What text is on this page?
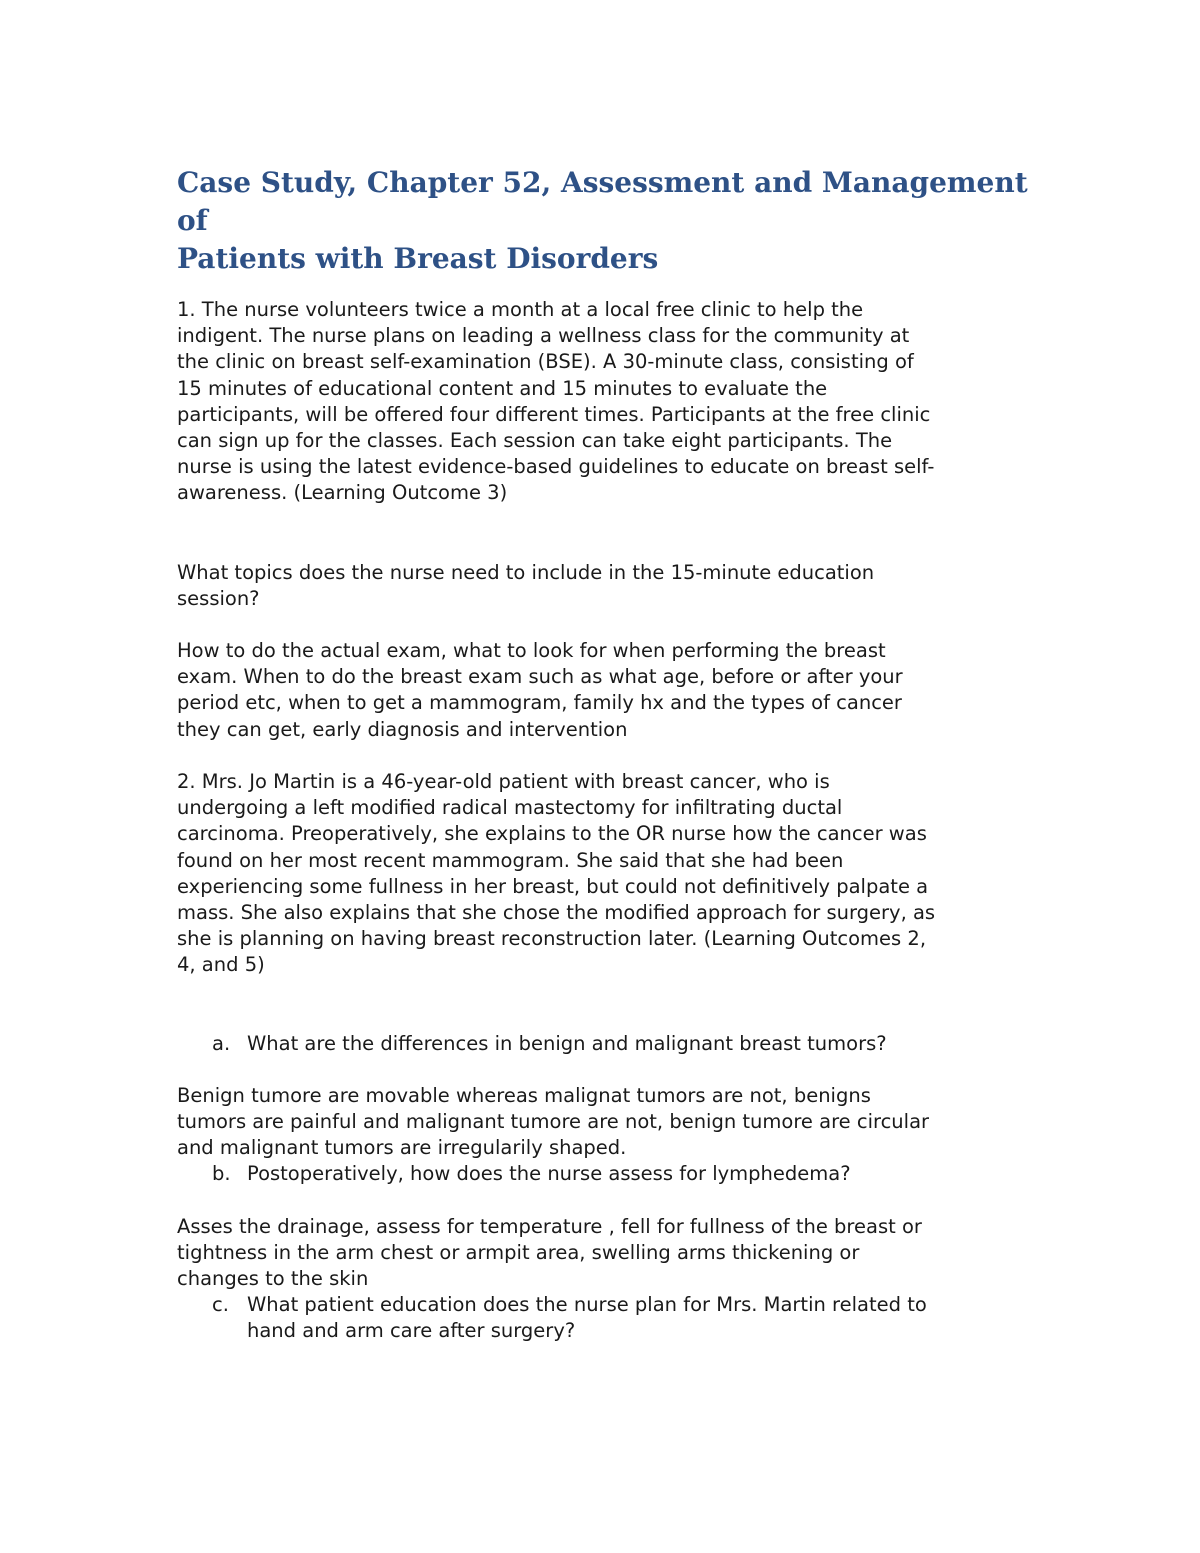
Case Study, Chapter 52, Assessment and Management of
Patients with Breast Disorders
1. The nurse volunteers twice a month at a local free clinic to help the
indigent. The nurse plans on leading a wellness class for the community at
the clinic on breast self-examination (BSE). A 30-minute class, consisting of
15 minutes of educational content and 15 minutes to evaluate the
participants, will be offered four different times. Participants at the free clinic
can sign up for the classes. Each session can take eight participants. The
nurse is using the latest evidence-based guidelines to educate on breast self-
awareness. (Learning Outcome 3)
What topics does the nurse need to include in the 15-minute education
session?
How to do the actual exam, what to look for when performing the breast
exam. When to do the breast exam such as what age, before or after your
period etc, when to get a mammogram, family hx and the types of cancer
they can get, early diagnosis and intervention
2. Mrs. Jo Martin is a 46-year-old patient with breast cancer, who is
undergoing a left modified radical mastectomy for infiltrating ductal
carcinoma. Preoperatively, she explains to the OR nurse how the cancer was
found on her most recent mammogram. She said that she had been
experiencing some fullness in her breast, but could not definitively palpate a
mass. She also explains that she chose the modified approach for surgery, as
she is planning on having breast reconstruction later. (Learning Outcomes 2,
4, and 5)
a. What are the differences in benign and malignant breast tumors?
Benign tumore are movable whereas malignat tumors are not, benigns
tumors are painful and malignant tumore are not, benign tumore are circular
and malignant tumors are irregularily shaped.
b. Postoperatively, how does the nurse assess for lymphedema?
Asses the drainage, assess for temperature , fell for fullness of the breast or
tightness in the arm chest or armpit area, swelling arms thickening or
changes to the skin
c. What patient education does the nurse plan for Mrs. Martin related to
hand and arm care after surgery?
